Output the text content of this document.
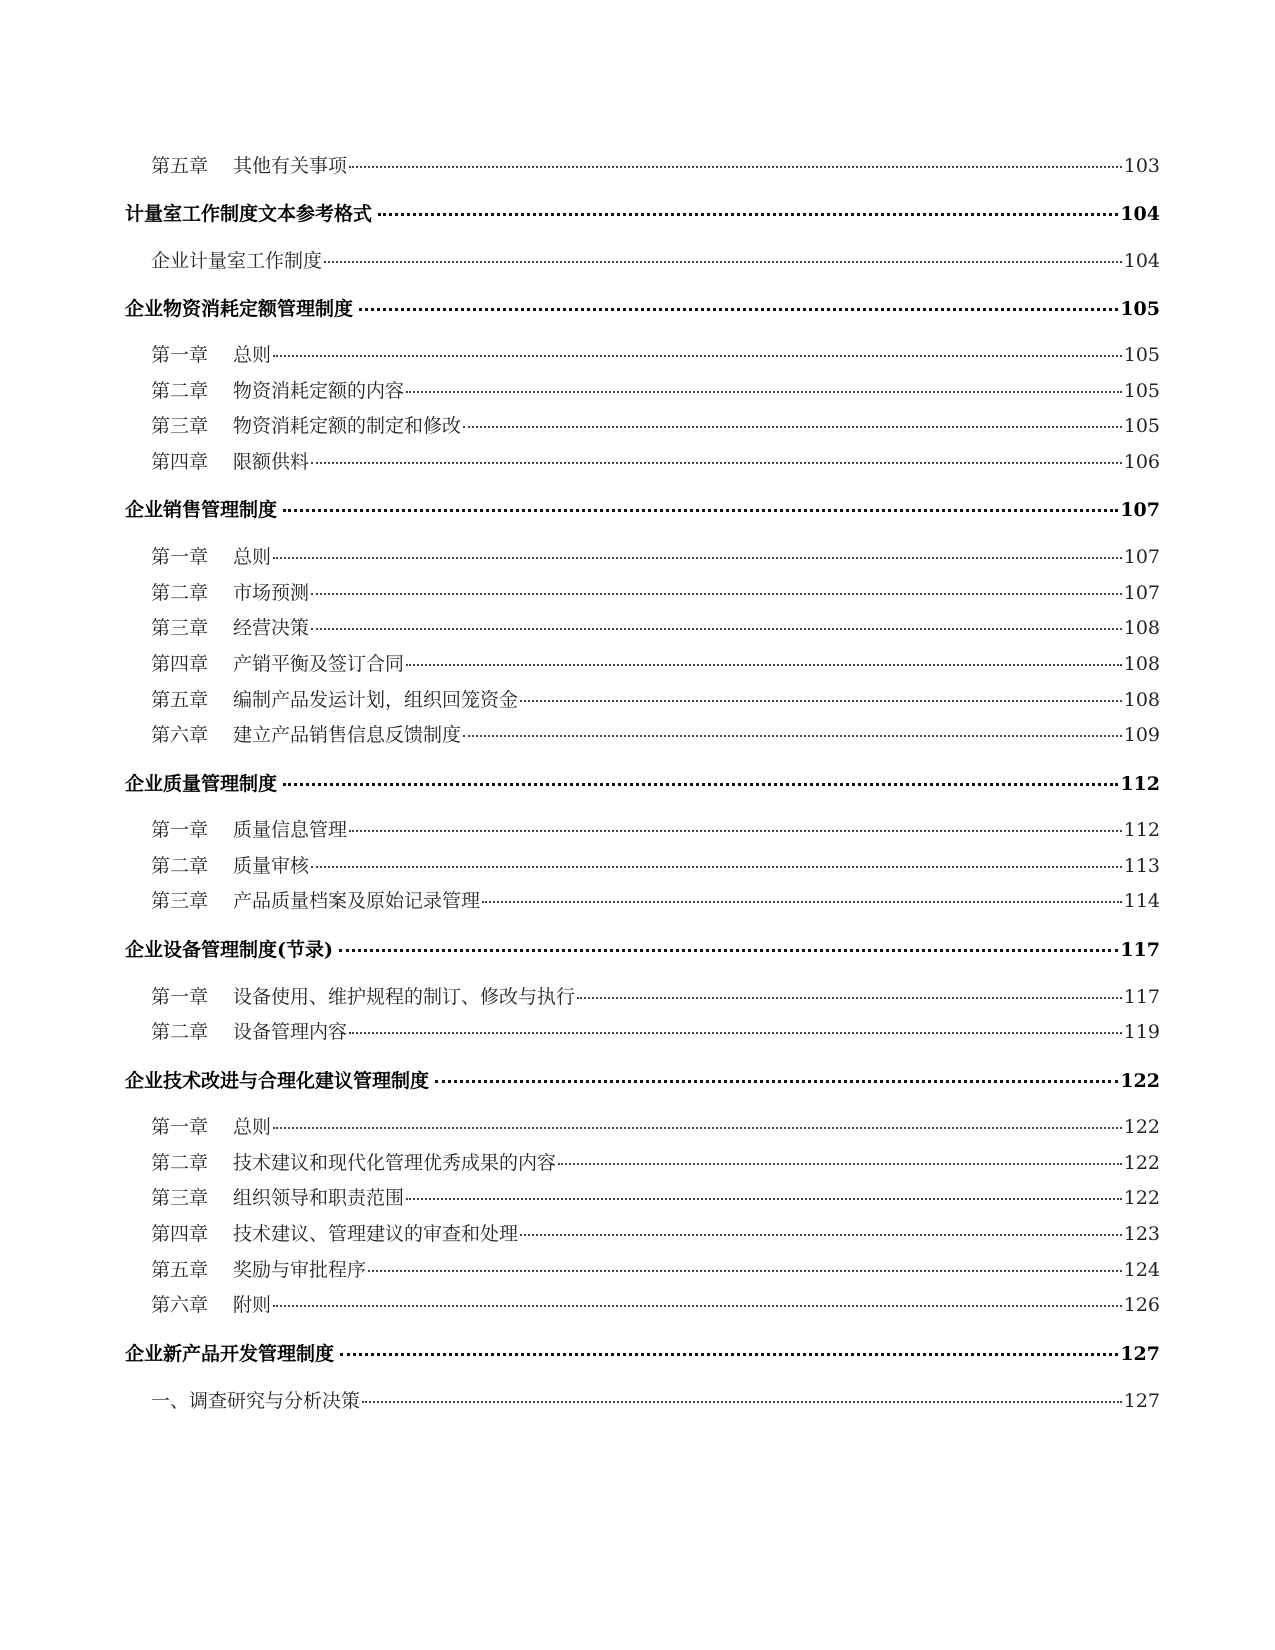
第五章	其他有关事项	103
计量室工作制度文本参考格式	104
企业计量室工作制度	104
企业物资消耗定额管理制度	105
第一章	总则	105
第二章	物资消耗定额的内容	105
第三章	物资消耗定额的制定和修改	105
第四章	限额供料	106
企业销售管理制度	107
第一章	总则	107
第二章	市场预测	107
第三章	经营决策	108
第四章	产销平衡及签订合同	108
第五章	编制产品发运计划，组织回笼资金	108
第六章	建立产品销售信息反馈制度	109
企业质量管理制度	112
第一章	质量信息管理	112
第二章	质量审核	113
第三章	产品质量档案及原始记录管理	114
企业设备管理制度(节录)	117
第一章	设备使用、维护规程的制订、修改与执行	117
第二章	设备管理内容	119
企业技术改进与合理化建议管理制度	122
第一章	总则	122
第二章	技术建议和现代化管理优秀成果的内容	122
第三章	组织领导和职责范围	122
第四章	技术建议、管理建议的审查和处理	123
第五章	奖励与审批程序	124
第六章	附则	126
企业新产品开发管理制度	127
一、调查研究与分析决策	127
